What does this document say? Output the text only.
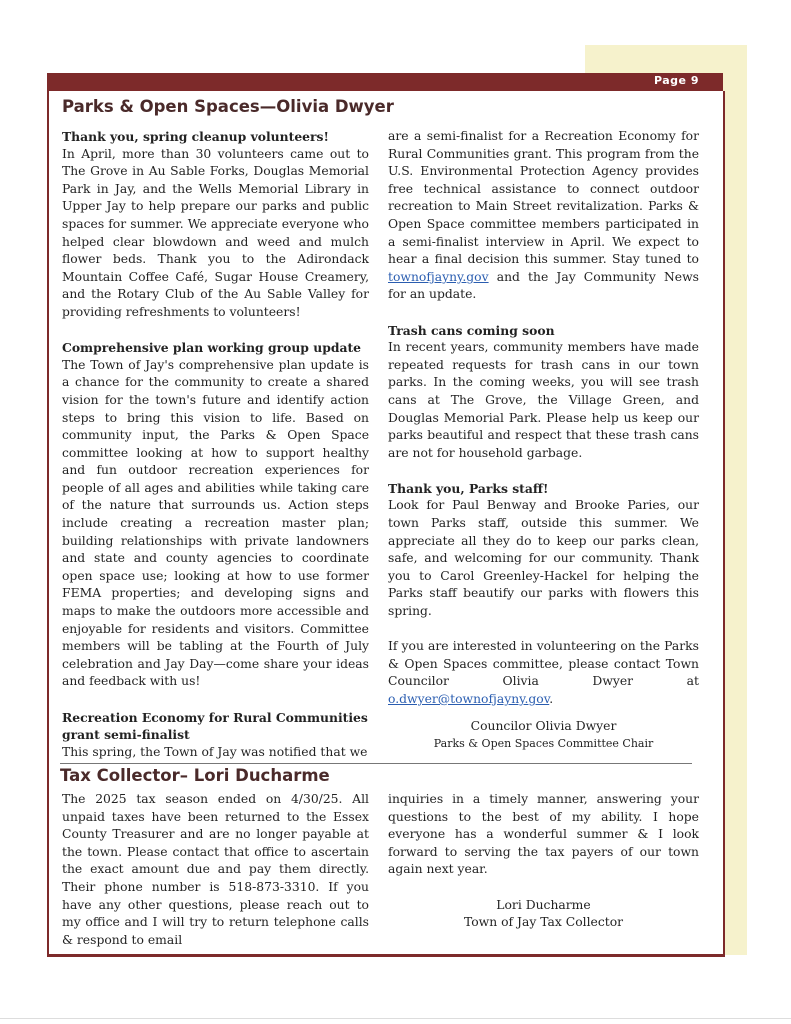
Page 9
Parks & Open Spaces—Olivia Dwyer
Thank you, spring cleanup volunteers!

In April, more than 30 volunteers came out to The Grove in Au Sable Forks, Douglas Memorial Park in Jay, and the Wells Memorial Library in Upper Jay to help prepare our parks and public spaces for summer. We appreciate everyone who helped clear blowdown and weed and mulch flower beds. Thank you to the Adirondack Mountain Coffee Café, Sugar House Creamery, and the Rotary Club of the Au Sable Valley for providing refreshments to volunteers!

Comprehensive plan working group update

The Town of Jay's comprehensive plan update is a chance for the community to create a shared vision for the town's future and identify action steps to bring this vision to life. Based on community input, the Parks & Open Space committee looking at how to support healthy and fun outdoor recreation experiences for people of all ages and abilities while taking care of the nature that surrounds us. Action steps include creating a recreation master plan; building relationships with private landowners and state and county agencies to coordinate open space use; looking at how to use former FEMA properties; and developing signs and maps to make the outdoors more accessible and enjoyable for residents and visitors. Committee members will be tabling at the Fourth of July celebration and Jay Day—come share your ideas and feedback with us!

Recreation Economy for Rural Communities grant semi-finalist

This spring, the Town of Jay was notified that we

are a semi-finalist for a Recreation Economy for Rural Communities grant. This program from the U.S. Environmental Protection Agency provides free technical assistance to connect outdoor recreation to Main Street revitalization. Parks & Open Space committee members participated in a semi-finalist interview in April. We expect to hear a final decision this summer. Stay tuned to townofjayny.gov and the Jay Community News for an update.

Trash cans coming soon

In recent years, community members have made repeated requests for trash cans in our town parks. In the coming weeks, you will see trash cans at The Grove, the Village Green, and Douglas Memorial Park. Please help us keep our parks beautiful and respect that these trash cans are not for household garbage.

Thank you, Parks staff!

Look for Paul Benway and Brooke Paries, our town Parks staff, outside this summer. We appreciate all they do to keep our parks clean, safe, and welcoming for our community. Thank you to Carol Greenley-Hackel for helping the Parks staff beautify our parks with flowers this spring.

If you are interested in volunteering on the Parks & Open Spaces committee, please contact Town Councilor Olivia Dwyer at o.dwyer@townofjayny.gov.

Councilor Olivia Dwyer

Parks & Open Spaces Committee Chair

Tax Collector– Lori Ducharme

The 2025 tax season ended on 4/30/25. All unpaid taxes have been returned to the Essex County Treasurer and are no longer payable at the town. Please contact that office to ascertain the exact amount due and pay them directly. Their phone number is 518-873-3310. If you have any other questions, please reach out to my office and I will try to return telephone calls & respond to email

inquiries in a timely manner, answering your questions to the best of my ability. I hope everyone has a wonderful summer & I look forward to serving the tax payers of our town again next year.

Lori Ducharme

Town of Jay Tax Collector
